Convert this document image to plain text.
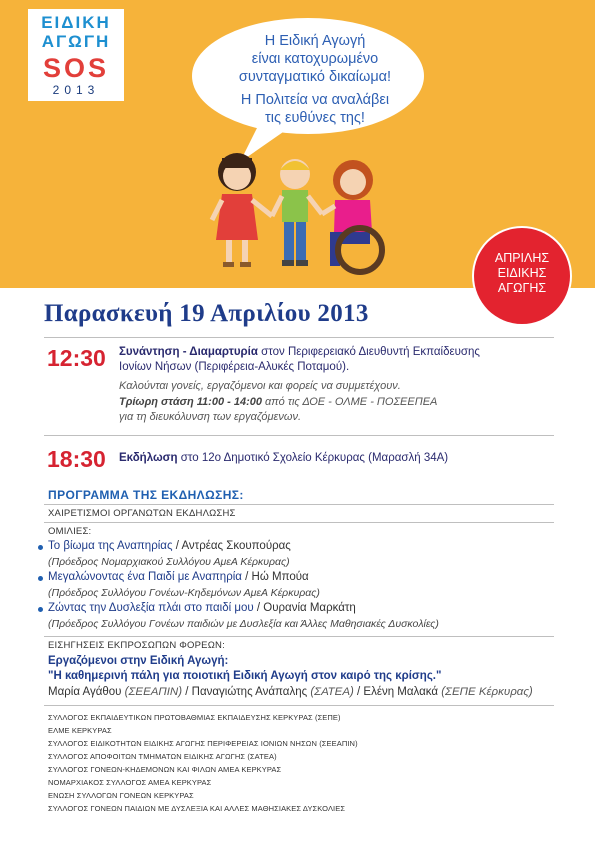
ΕΙΔΙΚΗ
ΑΓΩΓΗ
SOS
2013
Η Ειδική Αγωγή
είναι κατοχυρωμένο
συνταγματικό δικαίωμα!
Η Πολιτεία να αναλάβει
τις ευθύνες της!
ΑΠΡΙΛΗΣ
ΕΙΔΙΚΗΣ
ΑΓΩΓΗΣ
Παρασκευή 19 Απριλίου 2013
12:30 Συνάντηση - Διαμαρτυρία στον Περιφερειακό Διευθυντή Εκπαίδευσης
Ιονίων Νήσων (Περιφέρεια-Αλυκές Ποταμού).
Καλούνται γονείς, εργαζόμενοι και φορείς να συμμετέχουν.
Τρίωρη στάση 11:00 - 14:00 από τις ΔΟΕ - ΟΛΜΕ - ΠΟΣΕΕΠΕΑ
για τη διευκόλυνση των εργαζόμενων.
18:30 Εκδήλωση στο 12ο Δημοτικό Σχολείο Κέρκυρας (Μαρασλή 34Α)
ΠΡΟΓΡΑΜΜΑ ΤΗΣ ΕΚΔΗΛΩΣΗΣ:
ΧΑΙΡΕΤΙΣΜΟΙ ΟΡΓΑΝΩΤΩΝ ΕΚΔΗΛΩΣΗΣ
ΟΜΙΛΙΕΣ:
Το βίωμα της Αναπηρίας / Αντρέας Σκουπούρας
(Πρόεδρος Νομαρχιακού Συλλόγου ΑμεΑ Κέρκυρας)
Μεγαλώνοντας ένα Παιδί με Αναπηρία / Ηώ Μπούα
(Πρόεδρος Συλλόγου Γονέων-Κηδεμόνων ΑμεΑ Κέρκυρας)
Ζώντας την Δυσλεξία πλάι στο παιδί μου / Ουρανία Μαρκάτη
(Πρόεδρος Συλλόγου Γονέων παιδιών με Δυσλεξία και Άλλες Μαθησιακές Δυσκολίες)
ΕΙΣΗΓΗΣΕΙΣ ΕΚΠΡΟΣΩΠΩΝ ΦΟΡΕΩΝ:
Εργαζόμενοι στην Ειδική Αγωγή:
"Η καθημερινή πάλη για ποιοτική Ειδική Αγωγή στον καιρό της κρίσης."
Μαρία Αγάθου (ΣΕΕΑΠΙΝ) / Παναγιώτης Ανάπαλης (ΣΑΤΕΑ) / Ελένη Μαλακά (ΣΕΠΕ Κέρκυρας)
ΣΥΛΛΟΓΟΣ ΕΚΠΑΙΔΕΥΤΙΚΩΝ ΠΡΩΤΟΒΑΘΜΙΑΣ ΕΚΠΑΙΔΕΥΣΗΣ ΚΕΡΚΥΡΑΣ (ΣΕΠΕ)
ΕΛΜΕ ΚΕΡΚΥΡΑΣ
ΣΥΛΛΟΓΟΣ ΕΙΔΙΚΟΤΗΤΩΝ ΕΙΔΙΚΗΣ ΑΓΩΓΗΣ ΠΕΡΙΦΕΡΕΙΑΣ ΙΟΝΙΩΝ ΝΗΣΩΝ (ΣΕΕΑΠΙΝ)
ΣΥΛΛΟΓΟΣ ΑΠΟΦΟΙΤΩΝ ΤΜΗΜΑΤΩΝ ΕΙΔΙΚΗΣ ΑΓΩΓΗΣ (ΣΑΤΕΑ)
ΣΥΛΛΟΓΟΣ ΓΟΝΕΩΝ-ΚΗΔΕΜΟΝΩΝ ΚΑΙ ΦΙΛΩΝ ΑΜΕΑ ΚΕΡΚΥΡΑΣ
ΝΟΜΑΡΧΙΑΚΟΣ ΣΥΛΛΟΓΟΣ ΑΜΕΑ ΚΕΡΚΥΡΑΣ
ΕΝΩΣΗ ΣΥΛΛΟΓΩΝ ΓΟΝΕΩΝ ΚΕΡΚΥΡΑΣ
ΣΥΛΛΟΓΟΣ ΓΟΝΕΩΝ ΠΑΙΔΙΩΝ ΜΕ ΔΥΣΛΕΞΙΑ ΚΑΙ ΑΛΛΕΣ ΜΑΘΗΣΙΑΚΕΣ ΔΥΣΚΟΛΙΕΣ
